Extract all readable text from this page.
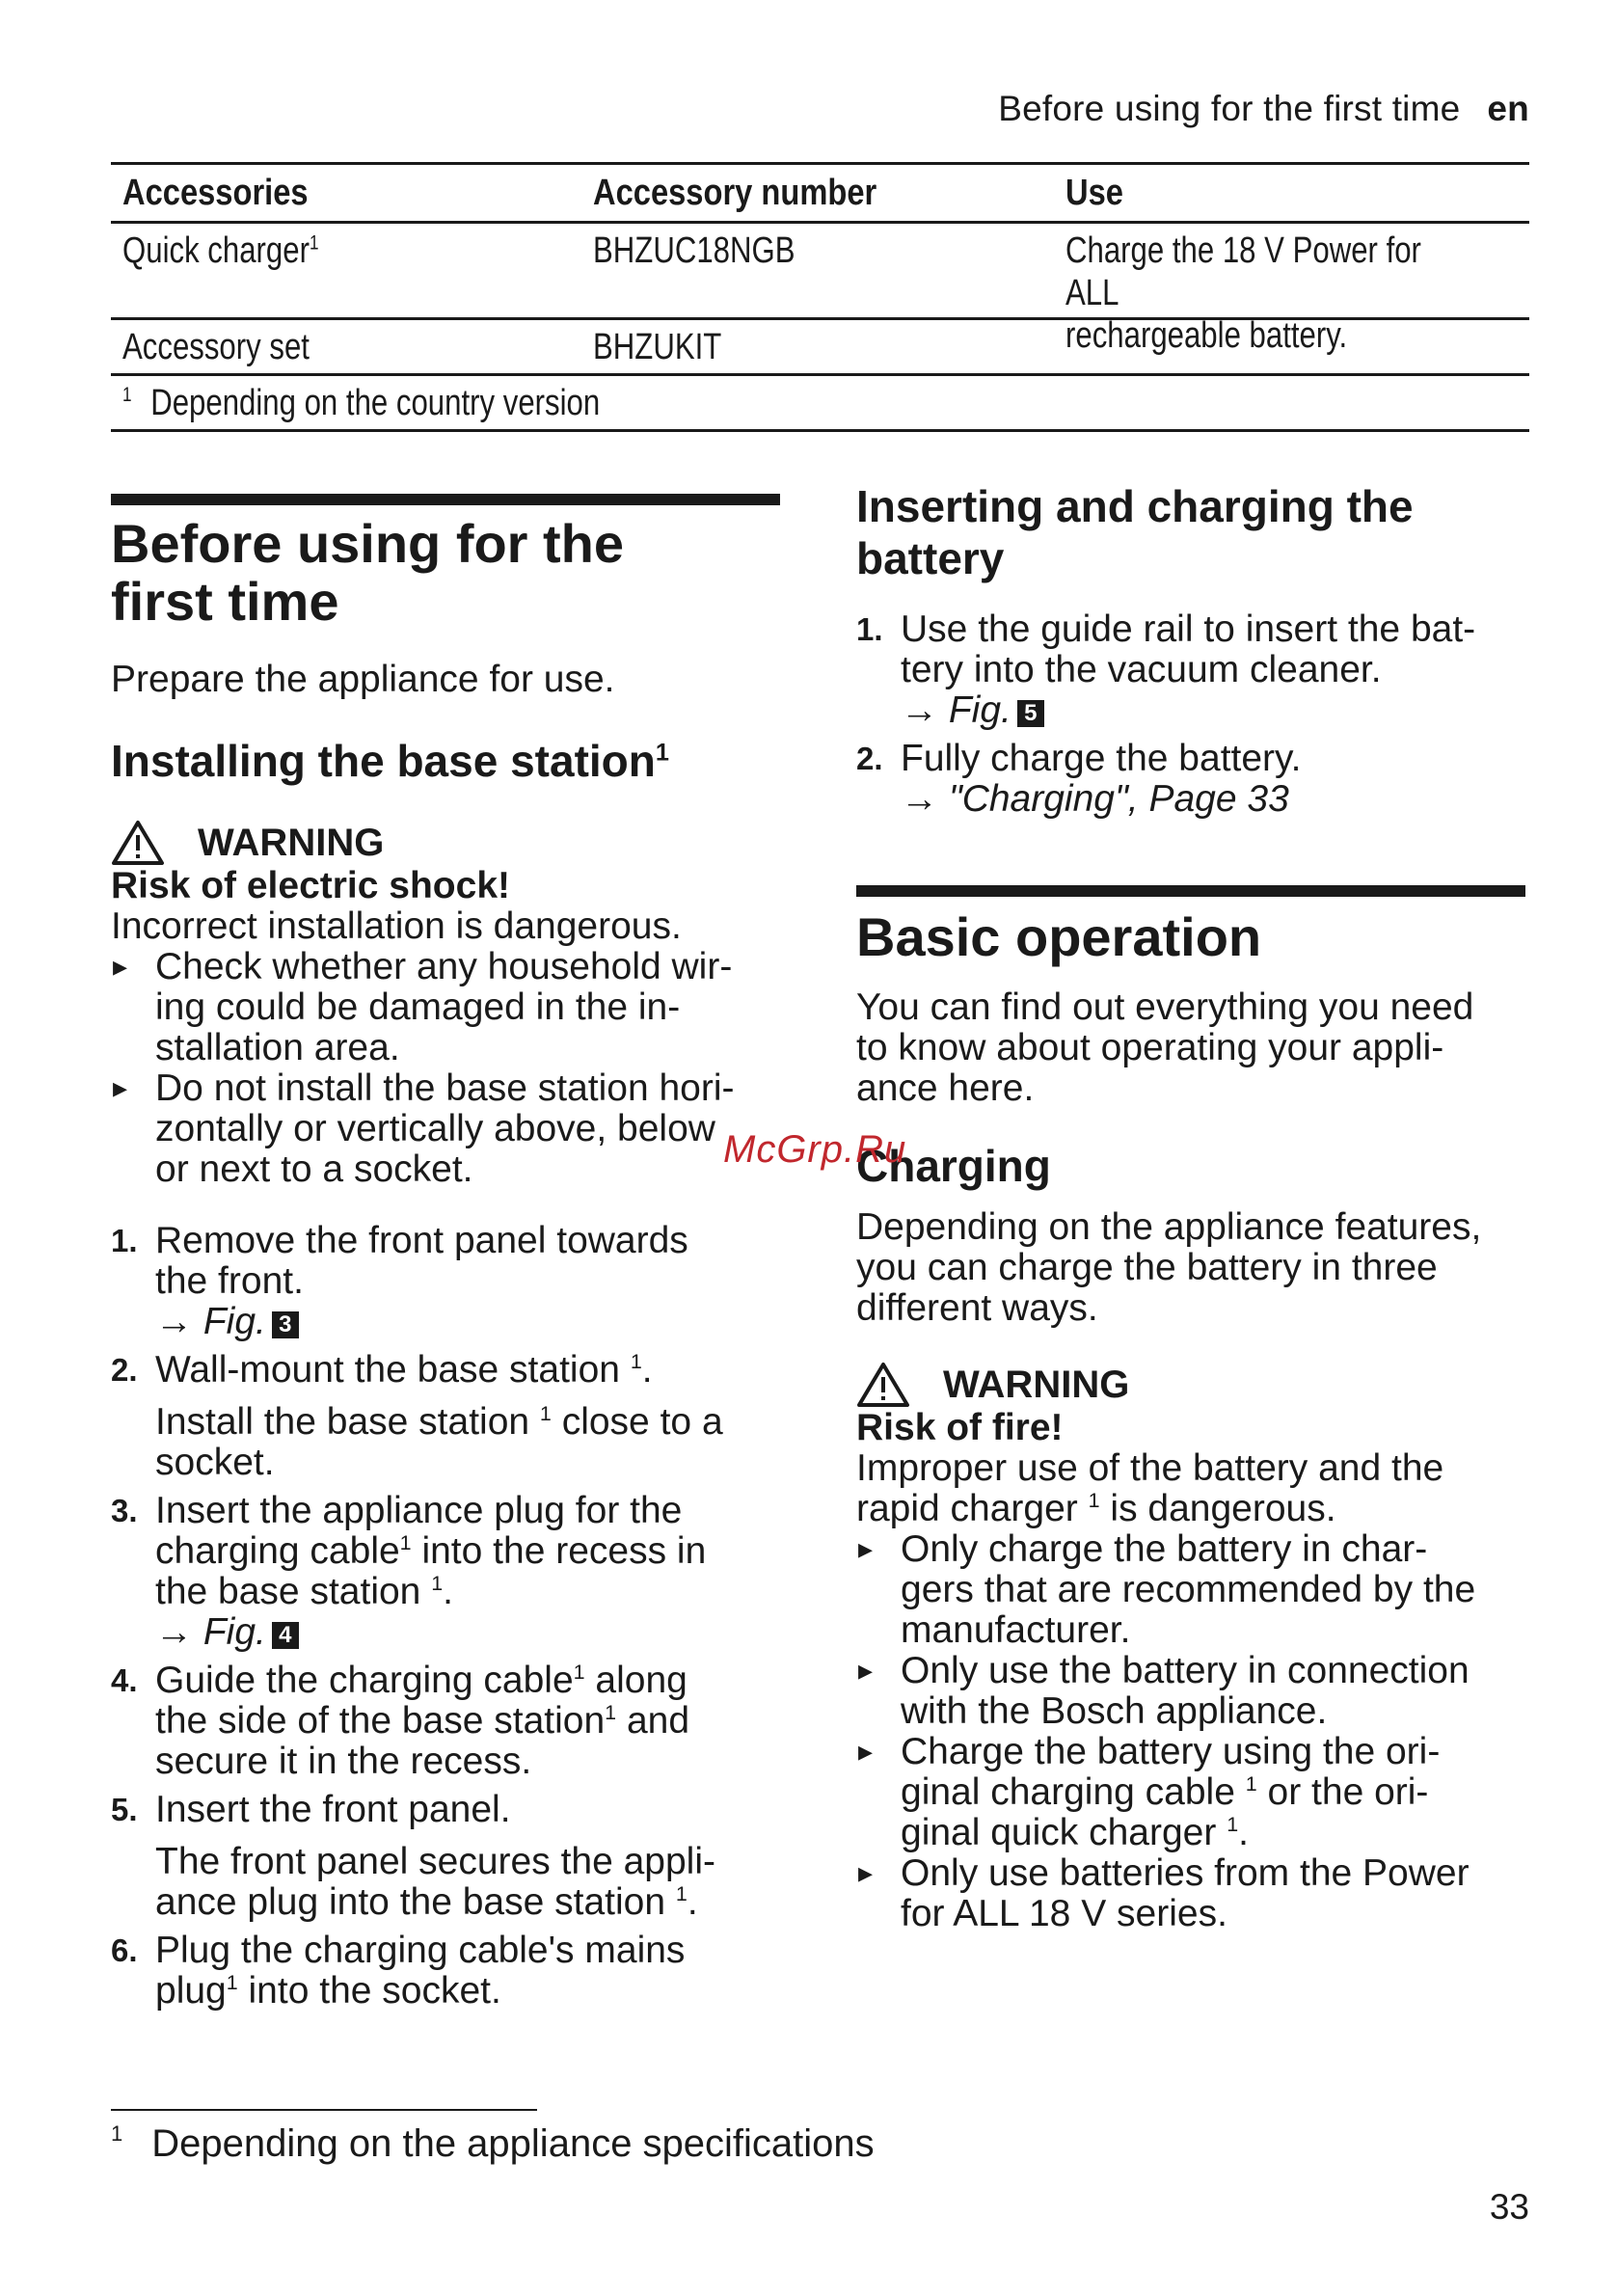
Before using for the first time en
Accessories	Accessory number	Use
Quick charger$^1$	BHZUC18NGB	Charge the 18 V Power for ALL
rechargeable battery.
Accessory set	BHZUKIT
$^1$ Depending on the country version
Before using for the
first time

Prepare the appliance for use.

Installing the base station$^1$
WARNING
Risk of electric shock!

Incorrect installation is dangerous.

▸ Check whether any household wir-
ing could be damaged in the in-
stallation area.
▸ Do not install the base station hori-
zontally or vertically above, below
or next to a socket.
1. Remove the front panel towards
the front.
→ Fig. 3
2. Wall-mount the base station $^1$.
Install the base station $^1$ close to a
socket.
3. Insert the appliance plug for the
charging cable$^1$ into the recess in
the base station $^1$.
→ Fig. 4
4. Guide the charging cable$^1$ along
the side of the base station$^1$ and
secure it in the recess.
5. Insert the front panel.
The front panel secures the appli-
ance plug into the base station $^1$.
6. Plug the charging cable's mains
plug$^1$ into the socket.
Inserting and charging the
battery
1. Use the guide rail to insert the bat-
tery into the vacuum cleaner.
→ Fig. 5
2. Fully charge the battery.
→ "Charging", Page 33
Basic operation

You can find out everything you need
to know about operating your appli-
ance here.

Charging

Depending on the appliance features,
you can charge the battery in three
different ways.

WARNING
Risk of fire!

Improper use of the battery and the
rapid charger $^1$ is dangerous.

▸ Only charge the battery in char-
gers that are recommended by the
manufacturer.
▸ Only use the battery in connection
with the Bosch appliance.
▸ Charge the battery using the ori-
ginal charging cable $^1$ or the ori-
ginal quick charger $^1$.
▸ Only use batteries from the Power
for ALL 18 V series.
McGrp.Ru
$^1$ Depending on the appliance specifications
33
